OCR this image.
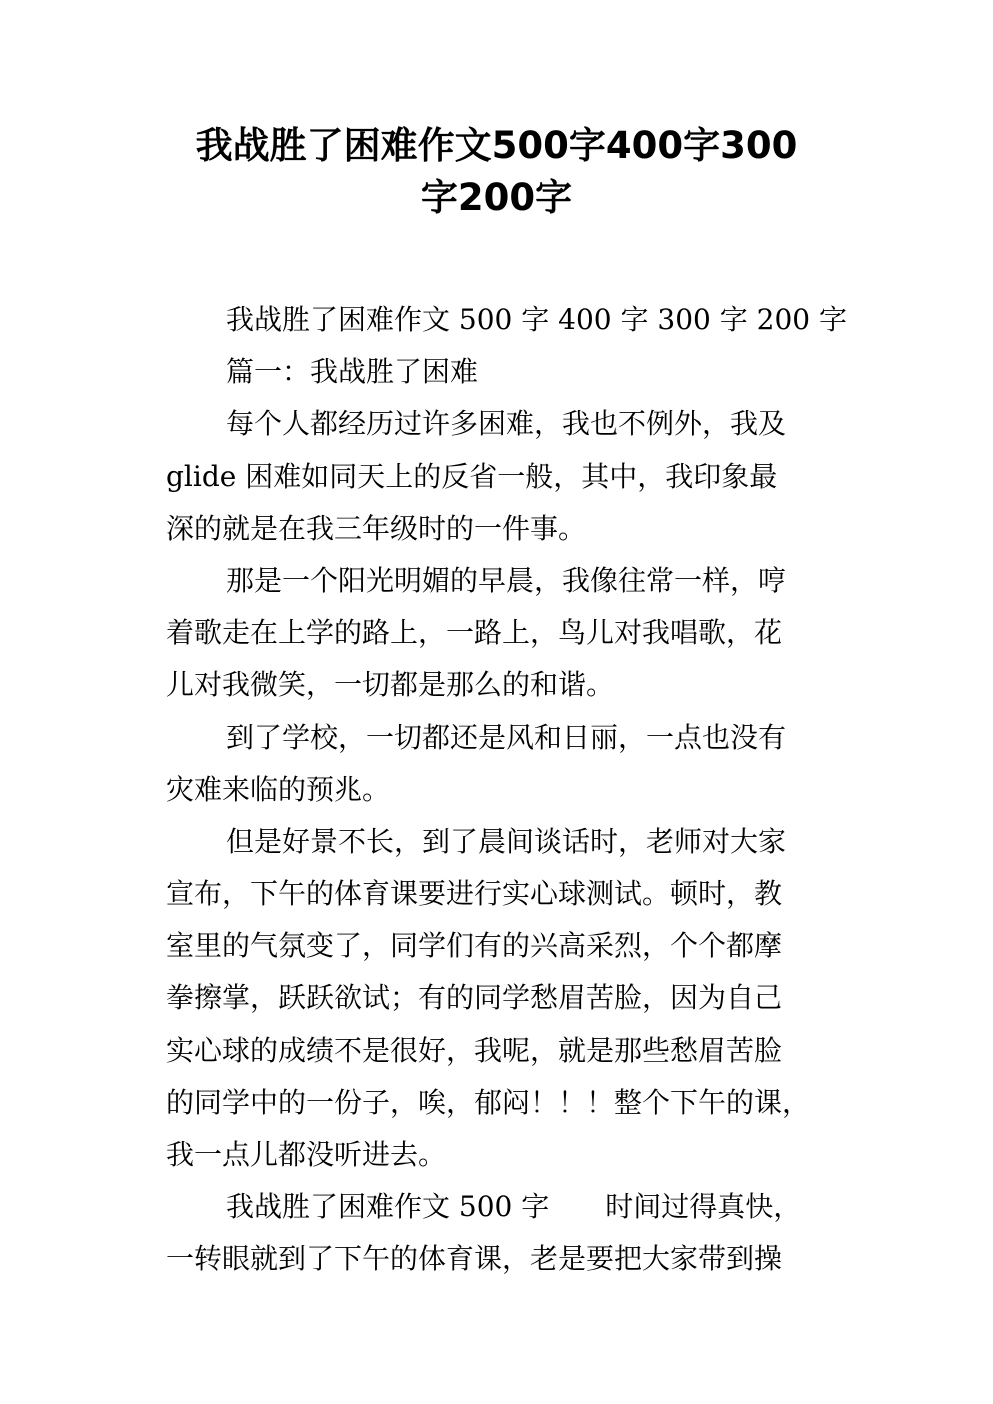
我战胜了困难作文500字400字300
字200字
我战胜了困难作文 500 字 400 字 300 字 200 字
篇一：我战胜了困难
每个人都经历过许多困难，我也不例外，我及
glide 困难如同天上的反省一般，其中，我印象最
深的就是在我三年级时的一件事。
那是一个阳光明媚的早晨，我像往常一样，哼
着歌走在上学的路上，一路上，鸟儿对我唱歌，花
儿对我微笑，一切都是那么的和谐。
到了学校，一切都还是风和日丽，一点也没有
灾难来临的预兆。
但是好景不长，到了晨间谈话时，老师对大家
宣布，下午的体育课要进行实心球测试。顿时，教
室里的气氛变了，同学们有的兴高采烈，个个都摩
拳擦掌，跃跃欲试；有的同学愁眉苦脸，因为自己
实心球的成绩不是很好，我呢，就是那些愁眉苦脸
的同学中的一份子，唉，郁闷！！！整个下午的课，
我一点儿都没听进去。
我战胜了困难作文 500 字 时间过得真快，
一转眼就到了下午的体育课，老是要把大家带到操
